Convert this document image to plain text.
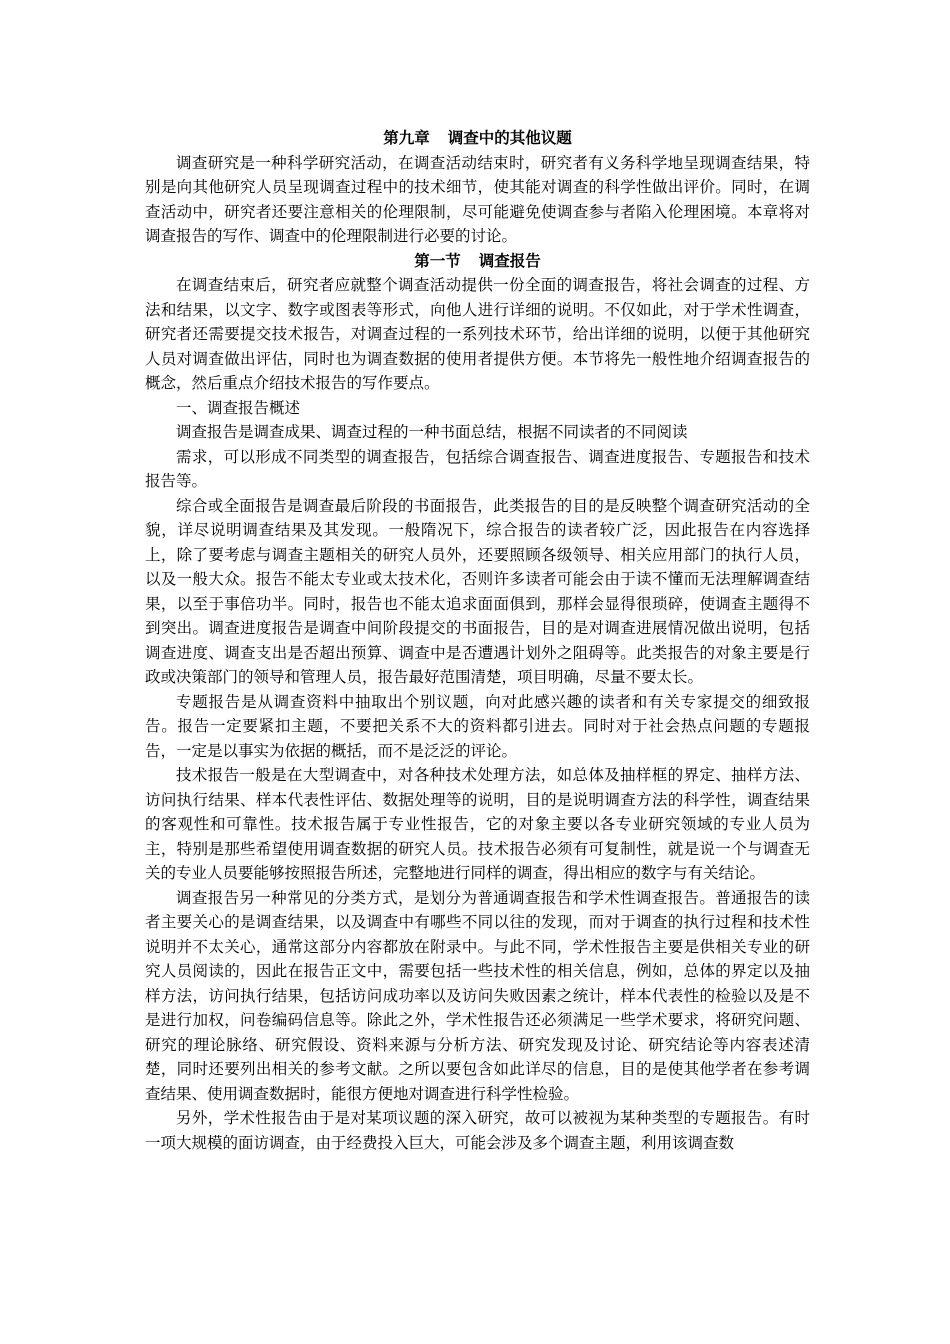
第九章 调查中的其他议题

调查研究是一种科学研究活动，在调查活动结束时，研究者有义务科学地呈现调查结果，特别是向其他研究人员呈现调查过程中的技术细节，使其能对调查的科学性做出评价。同时，在调查活动中，研究者还要注意相关的伦理限制，尽可能避免使调查参与者陷入伦理困境。本章将对调查报告的写作、调查中的伦理限制进行必要的讨论。

第一节 调查报告

在调查结束后，研究者应就整个调查活动提供一份全面的调查报告，将社会调查的过程、方法和结果，以文字、数字或图表等形式，向他人进行详细的说明。不仅如此，对于学术性调查，研究者还需要提交技术报告，对调查过程的一系列技术环节，给出详细的说明，以便于其他研究人员对调查做出评估，同时也为调查数据的使用者提供方便。本节将先一般性地介绍调查报告的概念，然后重点介绍技术报告的写作要点。

一、调查报告概述

调查报告是调查成果、调查过程的一种书面总结，根据不同读者的不同阅读

需求，可以形成不同类型的调查报告，包括综合调查报告、调查进度报告、专题报告和技术报告等。

综合或全面报告是调查最后阶段的书面报告，此类报告的目的是反映整个调查研究活动的全貌，详尽说明调查结果及其发现。一般隋况下，综合报告的读者较广泛，因此报告在内容选择上，除了要考虑与调查主题相关的研究人员外，还要照顾各级领导、相关应用部门的执行人员，以及一般大众。报告不能太专业或太技术化，否则许多读者可能会由于读不懂而无法理解调查结果，以至于事倍功半。同时，报告也不能太追求面面俱到，那样会显得很琐碎，使调查主题得不到突出。调查进度报告是调查中间阶段提交的书面报告，目的是对调查进展情况做出说明，包括调查进度、调查支出是否超出预算、调查中是否遭遇计划外之阻碍等。此类报告的对象主要是行政或决策部门的领导和管理人员，报告最好范围清楚，项目明确，尽量不要太长。

专题报告是从调查资料中抽取出个别议题，向对此感兴趣的读者和有关专家提交的细致报告。报告一定要紧扣主题，不要把关系不大的资料都引进去。同时对于社会热点问题的专题报告，一定是以事实为依据的概括，而不是泛泛的评论。

技术报告一般是在大型调查中，对各种技术处理方法，如总体及抽样框的界定、抽样方法、访问执行结果、样本代表性评估、数据处理等的说明，目的是说明调查方法的科学性，调查结果的客观性和可靠性。技术报告属于专业性报告，它的对象主要以各专业研究领域的专业人员为主，特别是那些希望使用调查数据的研究人员。技术报告必须有可复制性，就是说一个与调查无关的专业人员要能够按照报告所述，完整地进行同样的调查，得出相应的数字与有关结论。

调查报告另一种常见的分类方式，是划分为普通调查报告和学术性调查报告。普通报告的读者主要关心的是调查结果，以及调查中有哪些不同以往的发现，而对于调查的执行过程和技术性说明并不太关心，通常这部分内容都放在附录中。与此不同，学术性报告主要是供相关专业的研究人员阅读的，因此在报告正文中，需要包括一些技术性的相关信息，例如，总体的界定以及抽样方法，访问执行结果，包括访问成功率以及访问失败因素之统计，样本代表性的检验以及是不是进行加权，问卷编码信息等。除此之外，学术性报告还必须满足一些学术要求，将研究问题、研究的理论脉络、研究假设、资料来源与分析方法、研究发现及讨论、研究结论等内容表述清楚，同时还要列出相关的参考文献。之所以要包含如此详尽的信息，目的是使其他学者在参考调查结果、使用调查数据时，能很方便地对调查进行科学性检验。

另外，学术性报告由于是对某项议题的深入研究，故可以被视为某种类型的专题报告。有时一项大规模的面访调查，由于经费投入巨大，可能会涉及多个调查主题，利用该调查数
